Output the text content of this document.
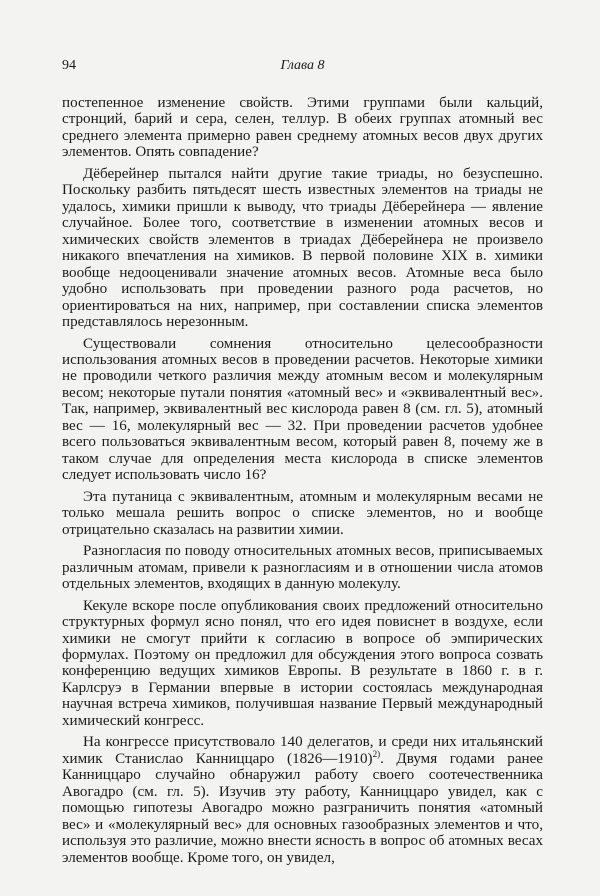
94	Глава 8

постепенное изменение свойств. Этими группами были кальций, стронций, барий и сера, селен, теллур. В обеих группах атомный вес среднего элемента примерно равен среднему атомных весов двух других элементов. Опять совпадение?

Дёберейнер пытался найти другие такие триады, но безуспешно. Поскольку разбить пятьдесят шесть известных элементов на триады не удалось, химики пришли к выводу, что триады Дёберейнера — явление случайное. Более того, соответствие в изменении атомных весов и химических свойств элементов в триадах Дёберейнера не произвело никакого впечатления на химиков. В первой половине XIX в. химики вообще недооценивали значение атомных весов. Атомные веса было удобно использовать при проведении разного рода расчетов, но ориентироваться на них, например, при составлении списка элементов представлялось нерезонным.

Существовали сомнения относительно целесообразности использования атомных весов в проведении расчетов. Некоторые химики не проводили четкого различия между атомным весом и молекулярным весом; некоторые путали понятия «атомный вес» и «эквивалентный вес». Так, например, эквивалентный вес кислорода равен 8 (см. гл. 5), атомный вес — 16, молекулярный вес — 32. При проведении расчетов удобнее всего пользоваться эквивалентным весом, который равен 8, почему же в таком случае для определения места кислорода в списке элементов следует использовать число 16?

Эта путаница с эквивалентным, атомным и молекулярным весами не только мешала решить вопрос о списке элементов, но и вообще отрицательно сказалась на развитии химии.

Разногласия по поводу относительных атомных весов, приписываемых различным атомам, привели к разногласиям и в отношении числа атомов отдельных элементов, входящих в данную молекулу.

Кекуле вскоре после опубликования своих предложений относительно структурных формул ясно понял, что его идея повиснет в воздухе, если химики не смогут прийти к согласию в вопросе об эмпирических формулах. Поэтому он предложил для обсуждения этого вопроса созвать конференцию ведущих химиков Европы. В результате в 1860 г. в г. Карлсруэ в Германии впервые в истории состоялась международная научная встреча химиков, получившая название Первый международный химический конгресс.

На конгрессе присутствовало 140 делегатов, и среди них итальянский химик Станислао Канниццаро (1826—1910)$^{2)}$. Двумя годами ранее Канниццаро случайно обнаружил работу своего соотечественника Авогадро (см. гл. 5). Изучив эту работу, Канниццаро увидел, как с помощью гипотезы Авогадро можно разграничить понятия «атомный вес» и «молекулярный вес» для основных газообразных элементов и что, используя это различие, можно внести ясность в вопрос об атомных весах элементов вообще. Кроме того, он увидел,
